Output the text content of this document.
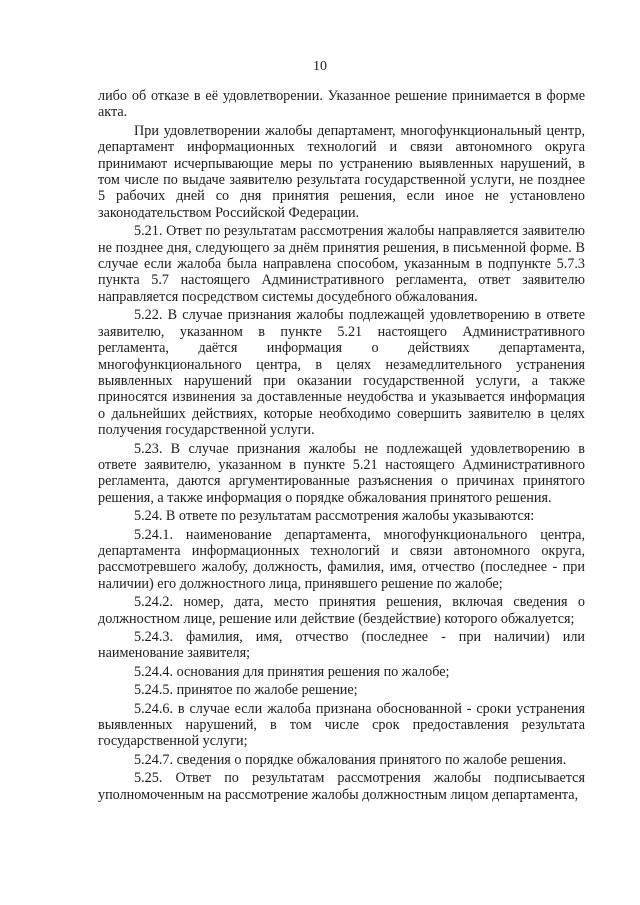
10

либо об отказе в её удовлетворении. Указанное решение принимается в форме акта.

При удовлетворении жалобы департамент, многофункциональный центр, департамент информационных технологий и связи автономного округа принимают исчерпывающие меры по устранению выявленных нарушений, в том числе по выдаче заявителю результата государственной услуги, не позднее 5 рабочих дней со дня принятия решения, если иное не установлено законодательством Российской Федерации.

5.21. Ответ по результатам рассмотрения жалобы направляется заявителю не позднее дня, следующего за днём принятия решения, в письменной форме. В случае если жалоба была направлена способом, указанным в подпункте 5.7.3 пункта 5.7 настоящего Административного регламента, ответ заявителю направляется посредством системы досудебного обжалования.

5.22. В случае признания жалобы подлежащей удовлетворению в ответе заявителю, указанном в пункте 5.21 настоящего Административного регламента, даётся информация о действиях департамента, многофункционального центра, в целях незамедлительного устранения выявленных нарушений при оказании государственной услуги, а также приносятся извинения за доставленные неудобства и указывается информация о дальнейших действиях, которые необходимо совершить заявителю в целях получения государственной услуги.

5.23. В случае признания жалобы не подлежащей удовлетворению в ответе заявителю, указанном в пункте 5.21 настоящего Административного регламента, даются аргументированные разъяснения о причинах принятого решения, а также информация о порядке обжалования принятого решения.

5.24. В ответе по результатам рассмотрения жалобы указываются:

5.24.1. наименование департамента, многофункционального центра, департамента информационных технологий и связи автономного округа, рассмотревшего жалобу, должность, фамилия, имя, отчество (последнее - при наличии) его должностного лица, принявшего решение по жалобе;

5.24.2. номер, дата, место принятия решения, включая сведения о должностном лице, решение или действие (бездействие) которого обжалуется;

5.24.3. фамилия, имя, отчество (последнее - при наличии) или наименование заявителя;

5.24.4. основания для принятия решения по жалобе;

5.24.5. принятое по жалобе решение;

5.24.6. в случае если жалоба признана обоснованной - сроки устранения выявленных нарушений, в том числе срок предоставления результата государственной услуги;

5.24.7. сведения о порядке обжалования принятого по жалобе решения.

5.25. Ответ по результатам рассмотрения жалобы подписывается уполномоченным на рассмотрение жалобы должностным лицом департамента,
